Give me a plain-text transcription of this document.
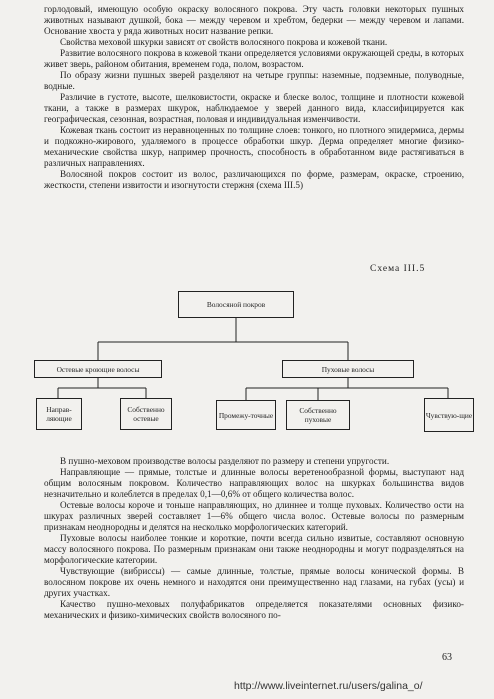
горлодовый, имеющую особую окраску волосяного покрова. Эту часть головки некоторых пушных животных называют душкой, бока — между черевом и хребтом, бедерки — между черевом и лапами. Основание хвоста у ряда животных носит название репки.

Свойства меховой шкурки зависят от свойств волосяного покрова и кожевой ткани.

Развитие волосяного покрова в кожевой ткани определяется условиями окружающей среды, в которых живет зверь, районом обитания, временем года, полом, возрастом.

По образу жизни пушных зверей разделяют на четыре группы: наземные, подземные, полуводные, водные.

Различие в густоте, высоте, шелковистости, окраске и блеске волос, толщине и плотности кожевой ткани, а также в размерах шкурок, наблюдаемое у зверей данного вида, классифицируется как географическая, сезонная, возрастная, половая и индивидуальная изменчивости.

Кожевая ткань состоит из неравноценных по толщине слоев: тонкого, но плотного эпидермиса, дермы и подкожно-жирового, удаляемого в процессе обработки шкур. Дерма определяет многие физико-механические свойства шкур, например прочность, способность в обработанном виде растягиваться в различных направлениях.

Волосяной покров состоит из волос, различающихся по форме, размерам, окраске, строению, жесткости, степени извитости и изогнутости стержня (схема III.5)

Схема III.5
Волосяной покров
Остевые кроющие волосы	Пуховые волосы
Направ-ляющие
Собственно остевые	Промежу-точные	Собственно пуховые	Чувствую-щие

В пушно-меховом производстве волосы разделяют по размеру и степени упругости.

Направляющие — прямые, толстые и длинные волосы веретенообразной формы, выступают над общим волосяным покровом. Количество направляющих волос на шкурках большинства видов незначительно и колеблется в пределах 0,1—0,6% от общего количества волос.

Остевые волосы короче и тоньше направляющих, но длиннее и толще пуховых. Количество ости на шкурах различных зверей составляет 1—6% общего числа волос. Остевые волосы по размерным признакам неоднородны и делятся на несколько морфологических категорий.

Пуховые волосы наиболее тонкие и короткие, почти всегда сильно извитые, составляют основную массу волосяного покрова. По размерным признакам они также неоднородны и могут подразделяться на морфологические категории.

Чувствующие (вибриссы) — самые длинные, толстые, прямые волосы конической формы. В волосяном покрове их очень немного и находятся они преимущественно над глазами, на губах (усы) и других участках.

Качество пушно-меховых полуфабрикатов определяется показателями основных физико-механических и физико-химических свойств волосяного по-

63
http://www.liveinternet.ru/users/galina_o/
